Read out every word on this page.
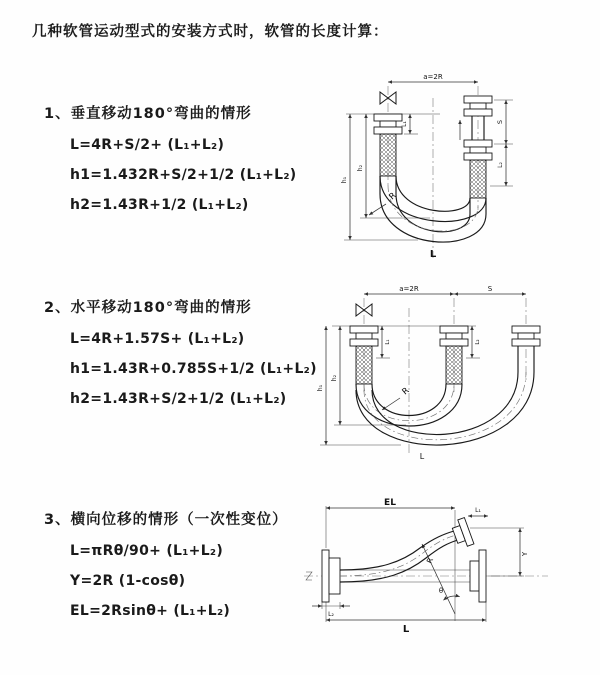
几种软管运动型式的安装方式时，软管的长度计算：
1、垂直移动180°弯曲的情形
L=4R+S/2+ (L₁+L₂)
h1=1.432R+S/2+1/2 (L₁+L₂)
h2=1.43R+1/2 (L₁+L₂)
2、水平移动180°弯曲的情形
L=4R+1.57S+ (L₁+L₂)
h1=1.43R+0.785S+1/2 (L₁+L₂)
h2=1.43R+S/2+1/2 (L₁+L₂)
3、横向位移的情形（一次性变位）
L=πRθ/90+ (L₁+L₂)
Y=2R (1-cosθ)
EL=2Rsinθ+ (L₁+L₂)
a=2R
L₁	S
L₂
h₂
h₁
R
L
a=2R	S
L₁	L₂
h₂
h₁	R
L
EL
L₁
Y
R
θ
L
L₂
